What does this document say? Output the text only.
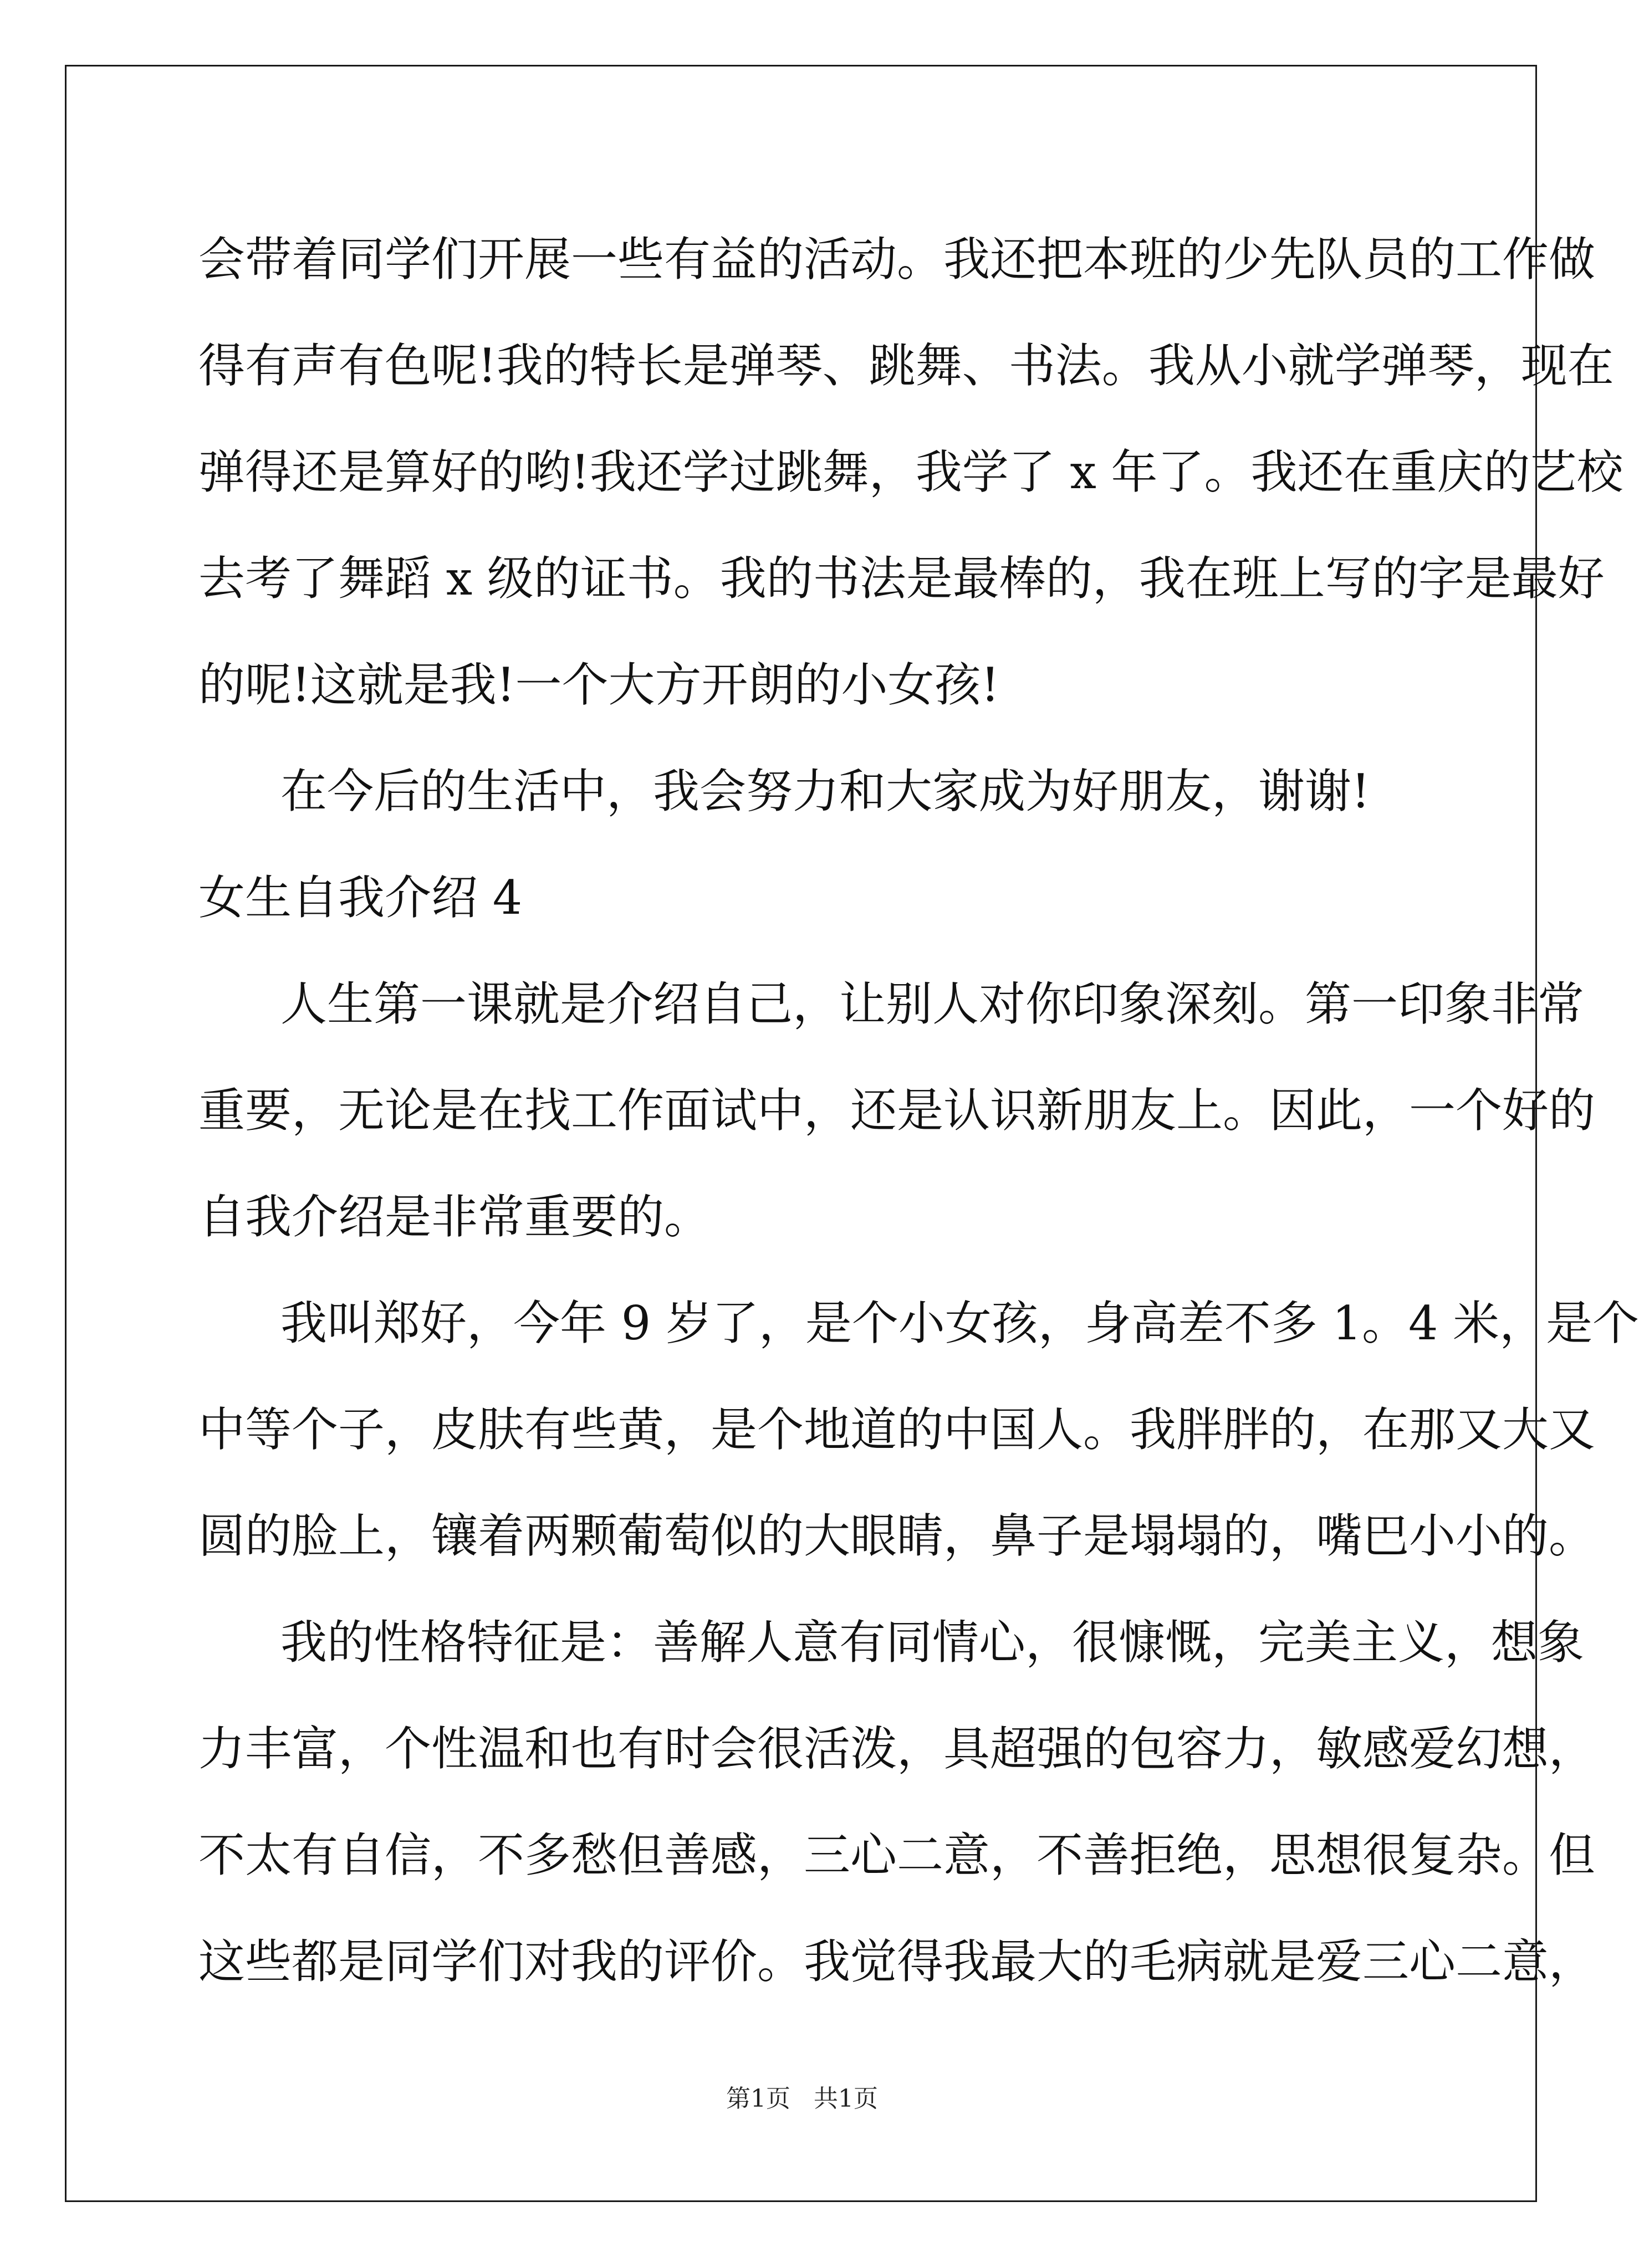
会带着同学们开展一些有益的活动。我还把本班的少先队员的工作做
得有声有色呢!我的特长是弹琴、跳舞、书法。我从小就学弹琴，现在
弹得还是算好的哟!我还学过跳舞，我学了 x 年了。我还在重庆的艺校
去考了舞蹈 x 级的证书。我的书法是最棒的，我在班上写的字是最好
的呢!这就是我!一个大方开朗的小女孩!
在今后的生活中，我会努力和大家成为好朋友，谢谢!
女生自我介绍 4
人生第一课就是介绍自己，让别人对你印象深刻。第一印象非常
重要，无论是在找工作面试中，还是认识新朋友上。因此，一个好的
自我介绍是非常重要的。
我叫郑好，今年 9 岁了，是个小女孩，身高差不多 1。4 米，是个
中等个子，皮肤有些黄，是个地道的中国人。我胖胖的，在那又大又
圆的脸上，镶着两颗葡萄似的大眼睛，鼻子是塌塌的，嘴巴小小的。
我的性格特征是：善解人意有同情心，很慷慨，完美主义，想象
力丰富，个性温和也有时会很活泼，具超强的包容力，敏感爱幻想，
不太有自信，不多愁但善感，三心二意，不善拒绝，思想很复杂。但
这些都是同学们对我的评价。我觉得我最大的毛病就是爱三心二意，
第1页   共1页
